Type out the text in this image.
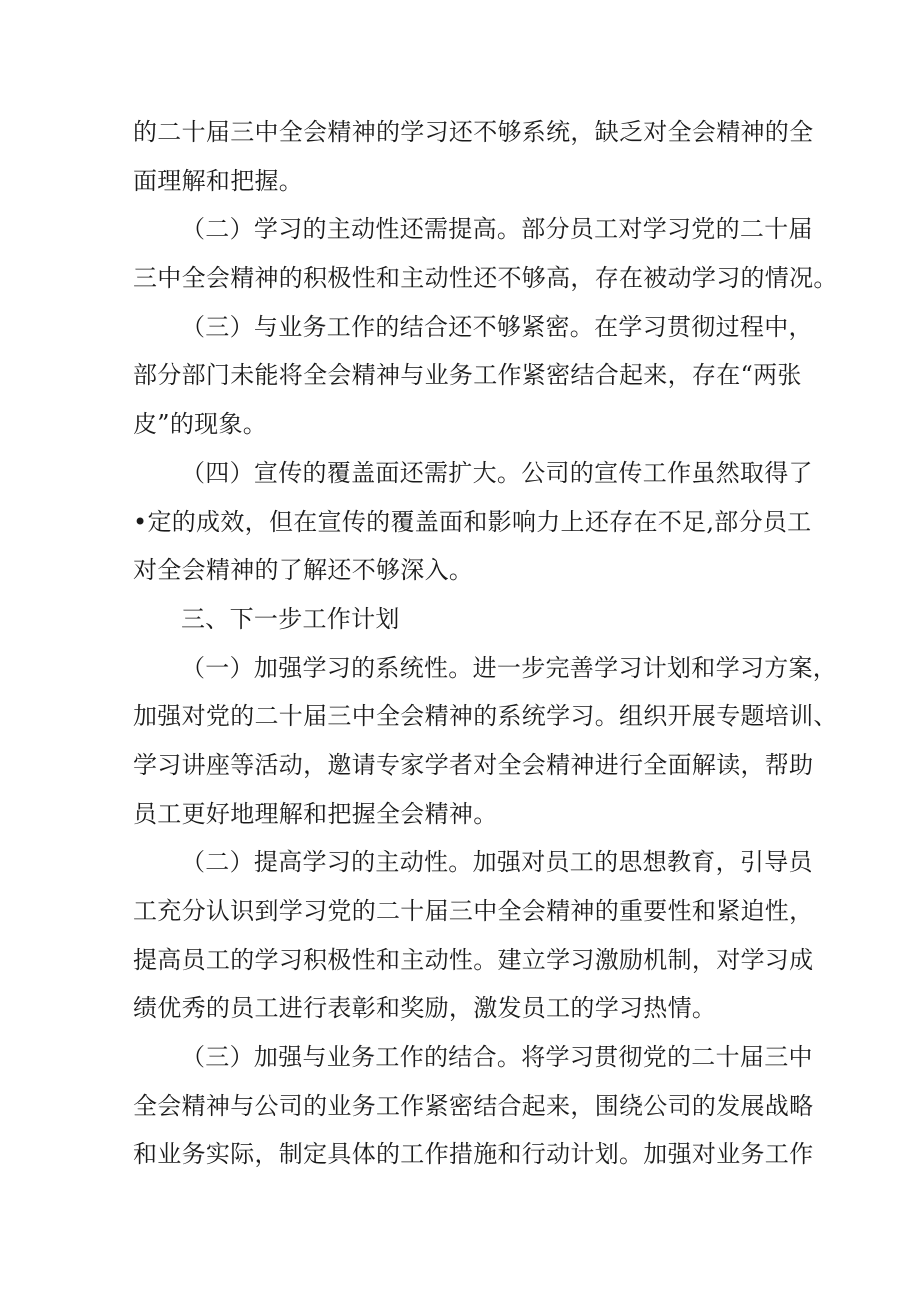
的二十届三中全会精神的学习还不够系统，缺乏对全会精神的全
面理解和把握。
（二）学习的主动性还需提高。部分员工对学习党的二十届
三中全会精神的积极性和主动性还不够高，存在被动学习的情况。
（三）与业务工作的结合还不够紧密。在学习贯彻过程中，
部分部门未能将全会精神与业务工作紧密结合起来，存在“两张
皮”的现象。
（四）宣传的覆盖面还需扩大。公司的宣传工作虽然取得了
•定的成效，但在宣传的覆盖面和影响力上还存在不足,部分员工
对全会精神的了解还不够深入。
三、下一步工作计划
（一）加强学习的系统性。进一步完善学习计划和学习方案，
加强对党的二十届三中全会精神的系统学习。组织开展专题培训、
学习讲座等活动，邀请专家学者对全会精神进行全面解读，帮助
员工更好地理解和把握全会精神。
（二）提高学习的主动性。加强对员工的思想教育，引导员
工充分认识到学习党的二十届三中全会精神的重要性和紧迫性，
提高员工的学习积极性和主动性。建立学习激励机制，对学习成
绩优秀的员工进行表彰和奖励，激发员工的学习热情。
（三）加强与业务工作的结合。将学习贯彻党的二十届三中
全会精神与公司的业务工作紧密结合起来，围绕公司的发展战略
和业务实际，制定具体的工作措施和行动计划。加强对业务工作
